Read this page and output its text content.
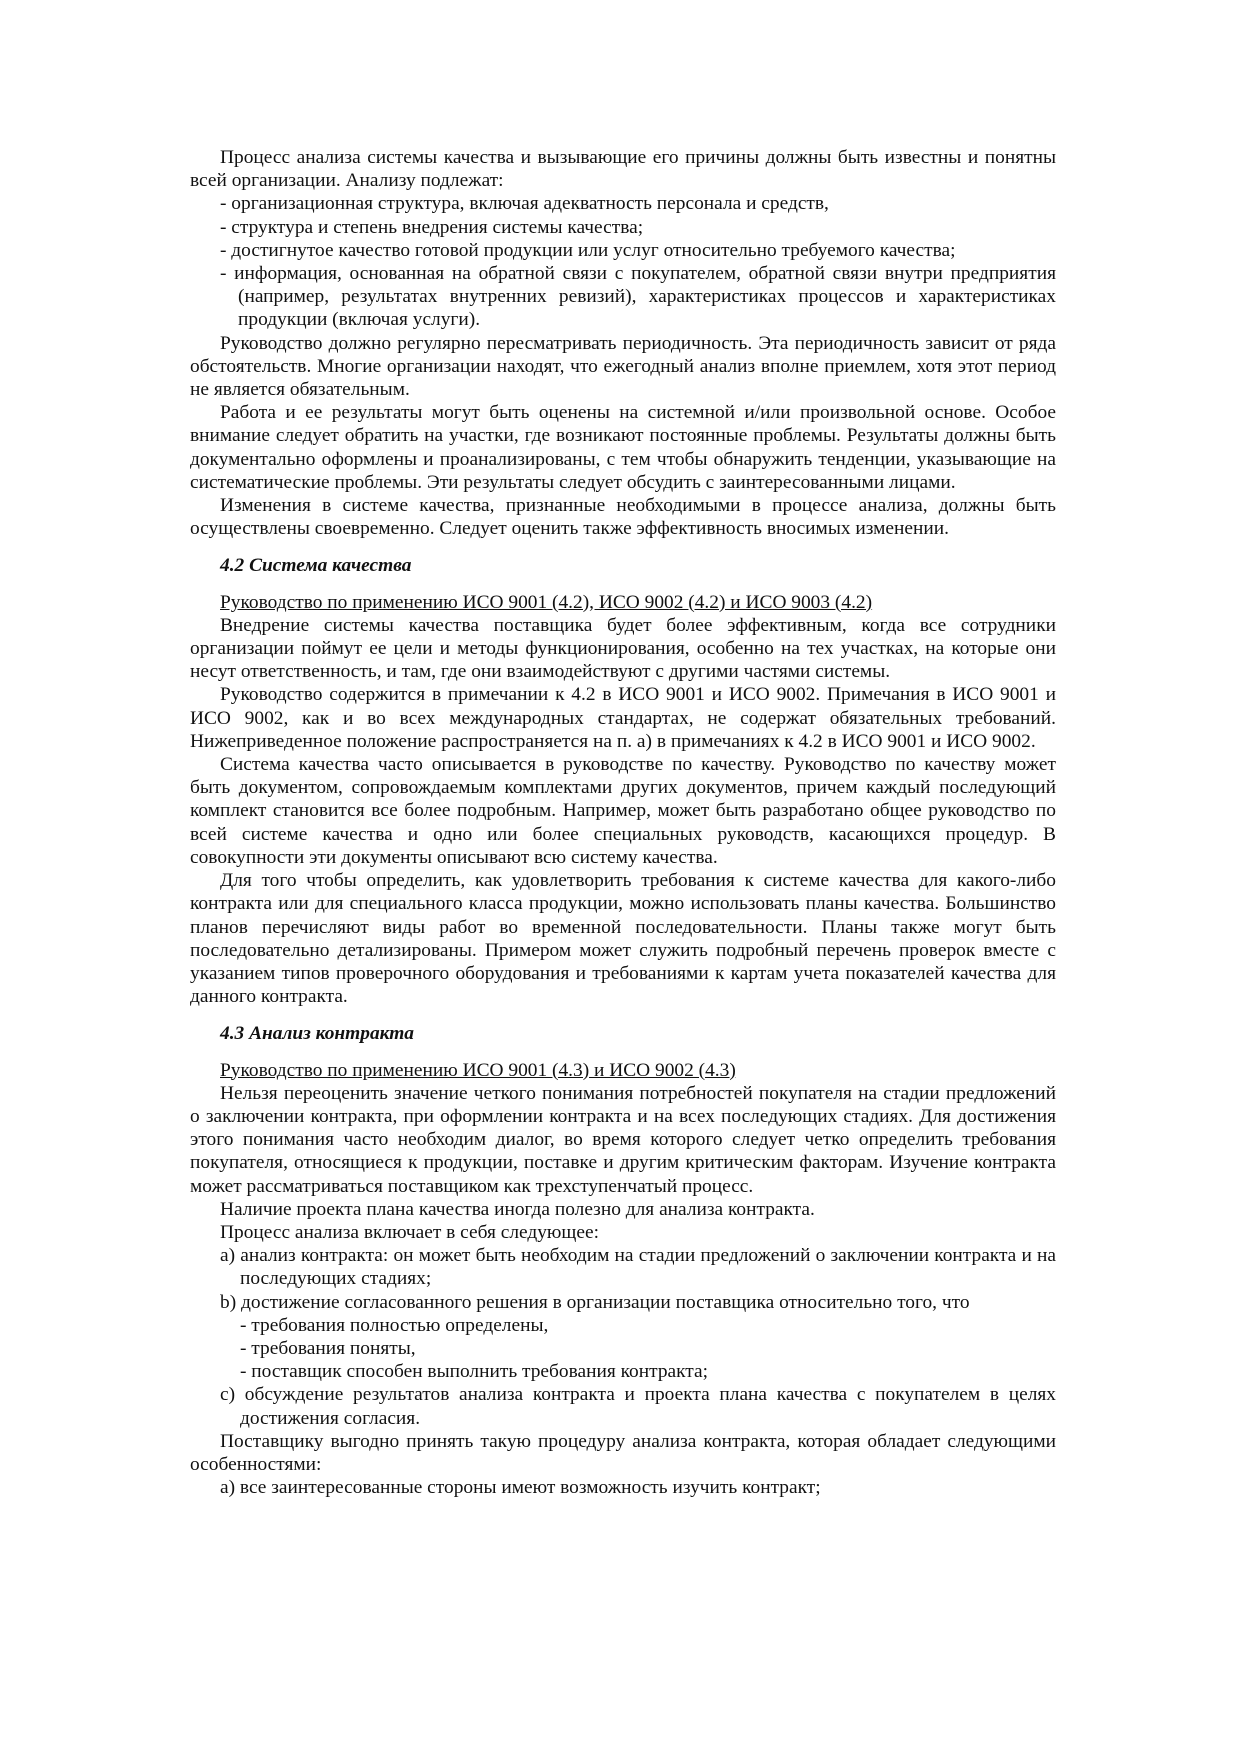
Процесс анализа системы качества и вызывающие его причины должны быть известны и понятны всей организации. Анализу подлежат:

- организационная структура, включая адекватность персонала и средств,

- структура и степень внедрения системы качества;

- достигнутое качество готовой продукции или услуг относительно требуемого качества;

- информация, основанная на обратной связи с покупателем, обратной связи внутри предприятия (например, результатах внутренних ревизий), характеристиках процессов и характеристиках продукции (включая услуги).

Руководство должно регулярно пересматривать периодичность. Эта периодичность зависит от ряда обстоятельств. Многие организации находят, что ежегодный анализ вполне приемлем, хотя этот период не является обязательным.

Работа и ее результаты могут быть оценены на системной и/или произвольной основе. Особое внимание следует обратить на участки, где возникают постоянные проблемы. Результаты должны быть документально оформлены и проанализированы, с тем чтобы обнаружить тенденции, указывающие на систематические проблемы. Эти результаты следует обсудить с заинтересованными лицами.

Изменения в системе качества, признанные необходимыми в процессе анализа, должны быть осуществлены своевременно. Следует оценить также эффективность вносимых изменении.

4.2 Система качества

Руководство по применению ИСО 9001 (4.2), ИСО 9002 (4.2) и ИСО 9003 (4.2)

Внедрение системы качества поставщика будет более эффективным, когда все сотрудники организации поймут ее цели и методы функционирования, особенно на тех участках, на которые они несут ответственность, и там, где они взаимодействуют с другими частями системы.

Руководство содержится в примечании к 4.2 в ИСО 9001 и ИСО 9002. Примечания в ИСО 9001 и ИСО 9002, как и во всех международных стандартах, не содержат обязательных требований. Нижеприведенное положение распространяется на п. а) в примечаниях к 4.2 в ИСО 9001 и ИСО 9002.

Система качества часто описывается в руководстве по качеству. Руководство по качеству может быть документом, сопровождаемым комплектами других документов, причем каждый последующий комплект становится все более подробным. Например, может быть разработано общее руководство по всей системе качества и одно или более специальных руководств, касающихся процедур. В совокупности эти документы описывают всю систему качества.

Для того чтобы определить, как удовлетворить требования к системе качества для какого-либо контракта или для специального класса продукции, можно использовать планы качества. Большинство планов перечисляют виды работ во временной последовательности. Планы также могут быть последовательно детализированы. Примером может служить подробный перечень проверок вместе с указанием типов проверочного оборудования и требованиями к картам учета показателей качества для данного контракта.

4.3 Анализ контракта

Руководство по применению ИСО 9001 (4.3) и ИСО 9002 (4.3)

Нельзя переоценить значение четкого понимания потребностей покупателя на стадии предложений о заключении контракта, при оформлении контракта и на всех последующих стадиях. Для достижения этого понимания часто необходим диалог, во время которого следует четко определить требования покупателя, относящиеся к продукции, поставке и другим критическим факторам. Изучение контракта может рассматриваться поставщиком как трехступенчатый процесс.

Наличие проекта плана качества иногда полезно для анализа контракта.

Процесс анализа включает в себя следующее:

а) анализ контракта: он может быть необходим на стадии предложений о заключении контракта и на последующих стадиях;

b) достижение согласованного решения в организации поставщика относительно того, что

- требования полностью определены,

- требования поняты,

- поставщик способен выполнить требования контракта;

с) обсуждение результатов анализа контракта и проекта плана качества с покупателем в целях достижения согласия.

Поставщику выгодно принять такую процедуру анализа контракта, которая обладает следующими особенностями:

а) все заинтересованные стороны имеют возможность изучить контракт;
